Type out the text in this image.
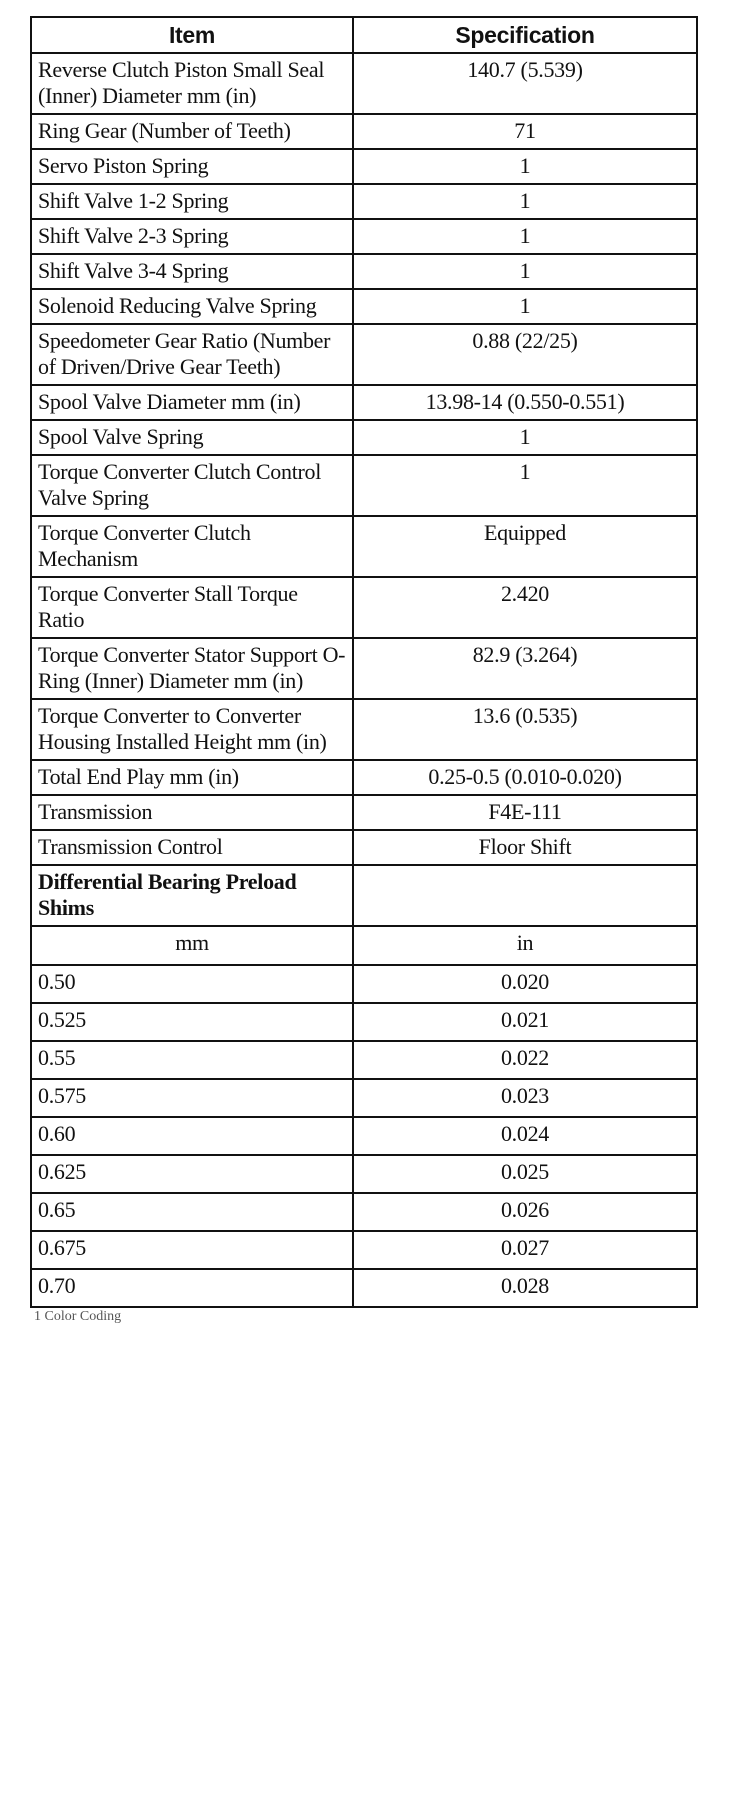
Item	Specification
Reverse Clutch Piston Small Seal (Inner) Diameter mm (in)	140.7 (5.539)
Ring Gear (Number of Teeth)	71
Servo Piston Spring	1
Shift Valve 1-2 Spring	1
Shift Valve 2-3 Spring	1
Shift Valve 3-4 Spring	1
Solenoid Reducing Valve Spring	1
Speedometer Gear Ratio (Number of Driven/Drive Gear Teeth)	0.88 (22/25)
Spool Valve Diameter mm (in)	13.98-14 (0.550-0.551)
Spool Valve Spring	1
Torque Converter Clutch Control Valve Spring	1
Torque Converter Clutch Mechanism	Equipped
Torque Converter Stall Torque Ratio	2.420
Torque Converter Stator Support O-Ring (Inner) Diameter mm (in)	82.9 (3.264)
Torque Converter to Converter Housing Installed Height mm (in)	13.6 (0.535)
Total End Play mm (in)	0.25-0.5 (0.010-0.020)
Transmission	F4E-111
Transmission Control	Floor Shift
Differential Bearing Preload Shims	
mm	in
0.50	0.020
0.525	0.021
0.55	0.022
0.575	0.023
0.60	0.024
0.625	0.025
0.65	0.026
0.675	0.027
0.70	0.028
1 Color Coding
